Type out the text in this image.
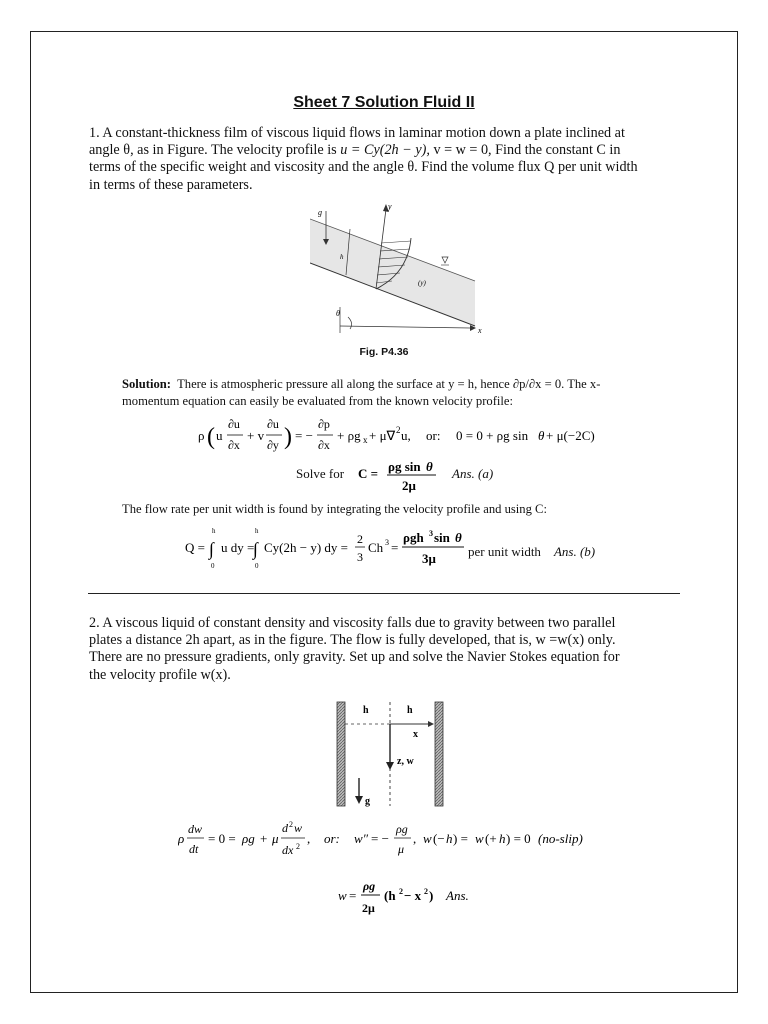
Sheet 7 Solution Fluid II
1. A constant-thickness film of viscous liquid flows in laminar motion down a plate inclined at
angle θ, as in Figure. The velocity profile is u = Cy(2h − y), v = w = 0, Find the constant C in
terms of the specific weight and viscosity and the angle θ. Find the volume flux Q per unit width
in terms of these parameters.
g
y
x
h
(y)
θ
Fig. P4.36
Solution: There is atmospheric pressure all along the surface at y = h, hence ∂p/∂x = 0. The x-
momentum equation can easily be evaluated from the known velocity profile:
ρ ( u
∂u
∂x
+ v
∂u
∂y ) = −
∂p
∂x
+ ρg x + μ∇ 2 u, or: 0 = 0 + ρg sin θ + μ(−2C)
Solve for C = ρg sin θ
2μ
Ans. (a)
The flow rate per unit width is found by integrating the velocity profile and using C:
Q =
h
∫
0
u dy =
h
∫
0
Cy(2h − y) dy =
2
3
Ch 3 =
ρgh 3 sin θ
3μ per unit width Ans. (b)
2. A viscous liquid of constant density and viscosity falls due to gravity between two parallel
plates a distance 2h apart, as in the figure. The flow is fully developed, that is, w =w(x) only.
There are no pressure gradients, only gravity. Set up and solve the Navier Stokes equation for
the velocity profile w(x).
h	h
x
z, w
g
ρ
dw
dt
= 0 = ρg + μ
d 2 w
dx 2
, or: w″ = −
ρg
μ
, w (− h ) = w (+ h ) = 0 (no-slip)
w =
ρg
2μ
(h 2 − x 2 ) Ans.
